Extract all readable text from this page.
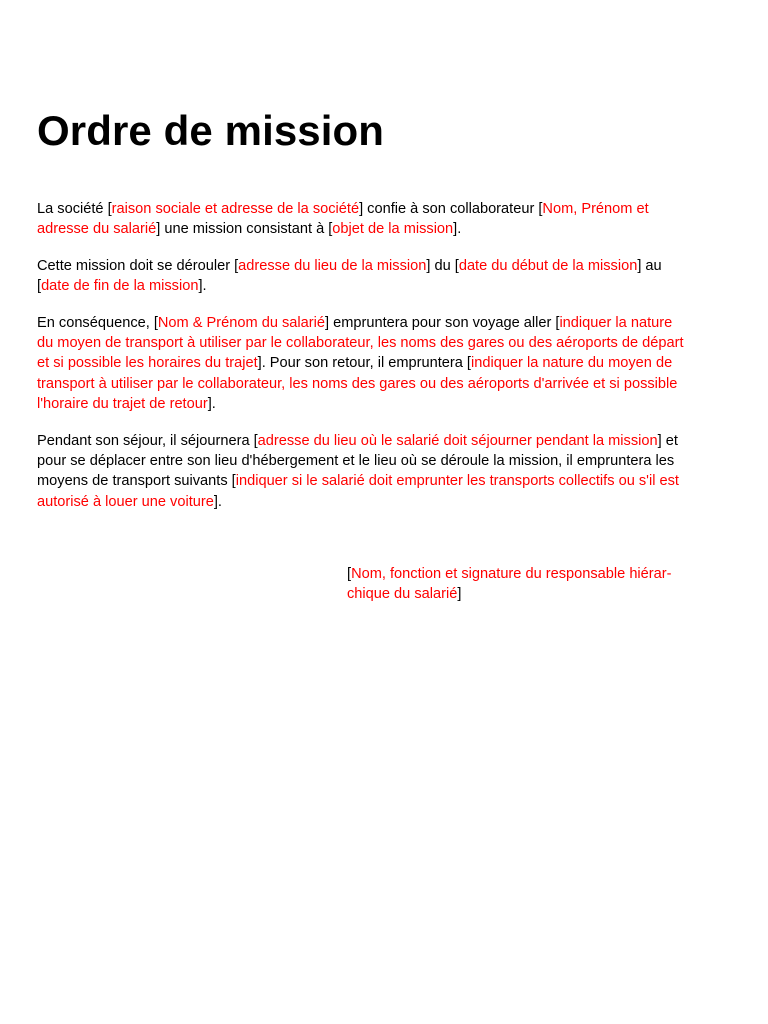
Ordre de mission

La société [raison sociale et adresse de la société] confie à son collaborateur [Nom, Prénom et
adresse du salarié] une mission consistant à [objet de la mission].

Cette mission doit se dérouler [adresse du lieu de la mission] du [date du début de la mission] au
[date de fin de la mission].

En conséquence, [Nom & Prénom du salarié] empruntera pour son voyage aller [indiquer la nature
du moyen de transport à utiliser par le collaborateur, les noms des gares ou des aéroports de départ
et si possible les horaires du trajet]. Pour son retour, il empruntera [indiquer la nature du moyen de
transport à utiliser par le collaborateur, les noms des gares ou des aéroports d'arrivée et si possible
l'horaire du trajet de retour].

Pendant son séjour, il séjournera [adresse du lieu où le salarié doit séjourner pendant la mission] et
pour se déplacer entre son lieu d'hébergement et le lieu où se déroule la mission, il empruntera les
moyens de transport suivants [indiquer si le salarié doit emprunter les transports collectifs ou s'il est
autorisé à louer une voiture].

[Nom, fonction et signature du responsable hiérar-
chique du salarié]
